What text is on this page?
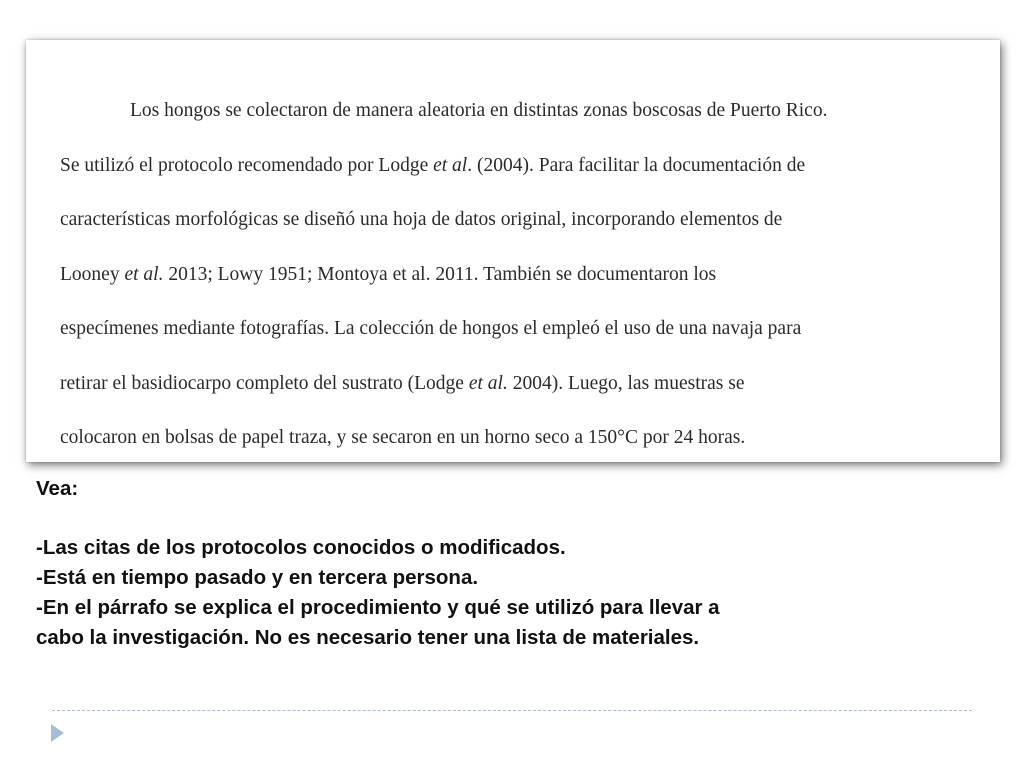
Los hongos se colectaron de manera aleatoria en distintas zonas boscosas de Puerto Rico.
Se utilizó el protocolo recomendado por Lodge et al. (2004). Para facilitar la documentación de
características morfológicas se diseñó una hoja de datos original, incorporando elementos de
Looney et al. 2013; Lowy 1951; Montoya et al. 2011. También se documentaron los
especímenes mediante fotografías. La colección de hongos el empleó el uso de una navaja para
retirar el basidiocarpo completo del sustrato (Lodge et al. 2004). Luego, las muestras se
colocaron en bolsas de papel traza, y se secaron en un horno seco a 150°C por 24 horas.

Vea:

-Las citas de los protocolos conocidos o modificados.

-Está en tiempo pasado y en tercera persona.

-En el párrafo se explica el procedimiento y qué se utilizó para llevar a

cabo la investigación. No es necesario tener una lista de materiales.
